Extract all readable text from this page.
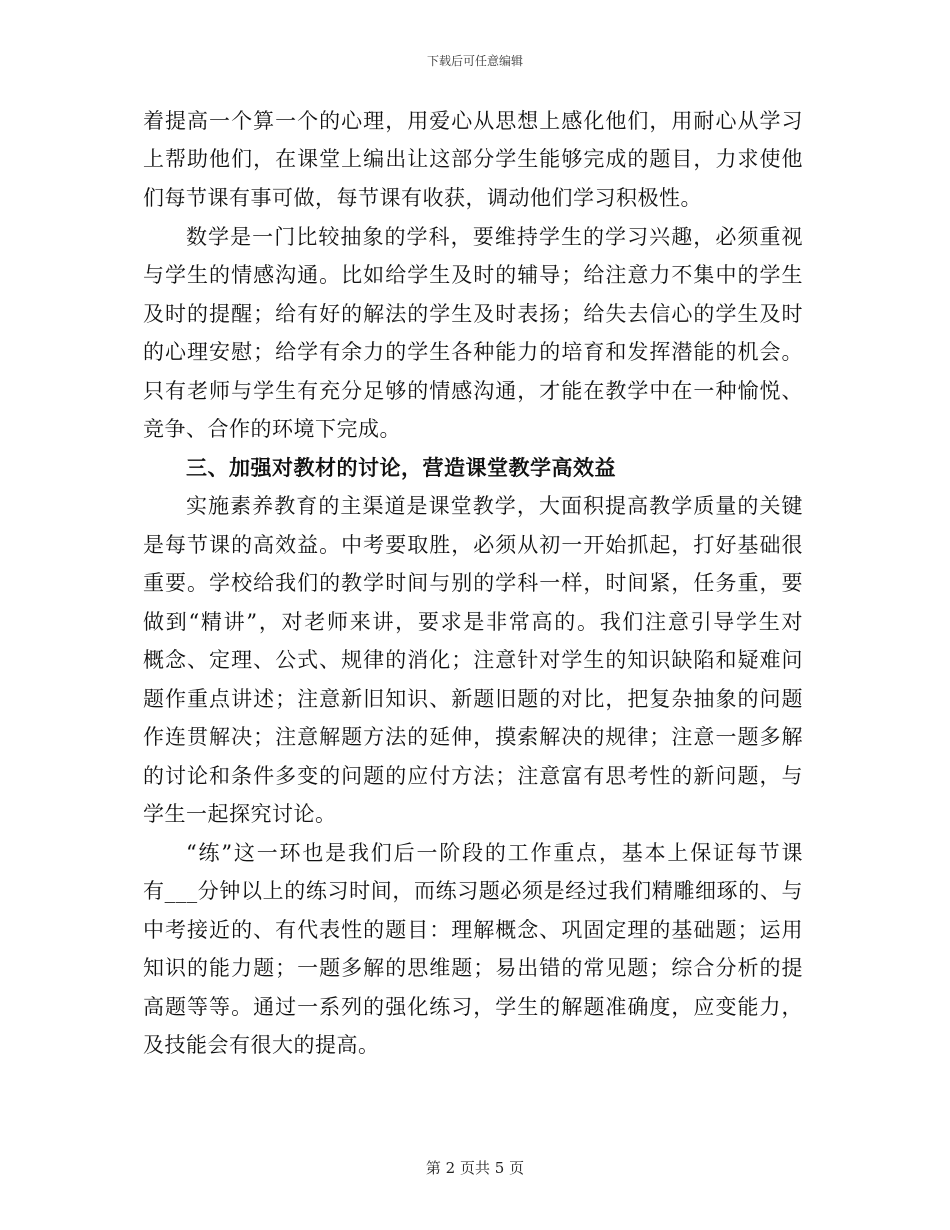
下载后可任意编辑
着提高一个算一个的心理，用爱心从思想上感化他们，用耐心从学习
上帮助他们，在课堂上编出让这部分学生能够完成的题目，力求使他
们每节课有事可做，每节课有收获，调动他们学习积极性。
数学是一门比较抽象的学科，要维持学生的学习兴趣，必须重视
与学生的情感沟通。比如给学生及时的辅导；给注意力不集中的学生
及时的提醒；给有好的解法的学生及时表扬；给失去信心的学生及时
的心理安慰；给学有余力的学生各种能力的培育和发挥潜能的机会。
只有老师与学生有充分足够的情感沟通，才能在教学中在一种愉悦、
竞争、合作的环境下完成。
三、加强对教材的讨论，营造课堂教学高效益
实施素养教育的主渠道是课堂教学，大面积提高教学质量的关键
是每节课的高效益。中考要取胜，必须从初一开始抓起，打好基础很
重要。学校给我们的教学时间与别的学科一样，时间紧，任务重，要
做到“精讲”，对老师来讲，要求是非常高的。我们注意引导学生对
概念、定理、公式、规律的消化；注意针对学生的知识缺陷和疑难问
题作重点讲述；注意新旧知识、新题旧题的对比，把复杂抽象的问题
作连贯解决；注意解题方法的延伸，摸索解决的规律；注意一题多解
的讨论和条件多变的问题的应付方法；注意富有思考性的新问题，与
学生一起探究讨论。
“练”这一环也是我们后一阶段的工作重点，基本上保证每节课
有___分钟以上的练习时间，而练习题必须是经过我们精雕细琢的、与
中考接近的、有代表性的题目：理解概念、巩固定理的基础题；运用
知识的能力题；一题多解的思维题；易出错的常见题；综合分析的提
高题等等。通过一系列的强化练习，学生的解题准确度，应变能力，
及技能会有很大的提高。
第 2 页共 5 页
